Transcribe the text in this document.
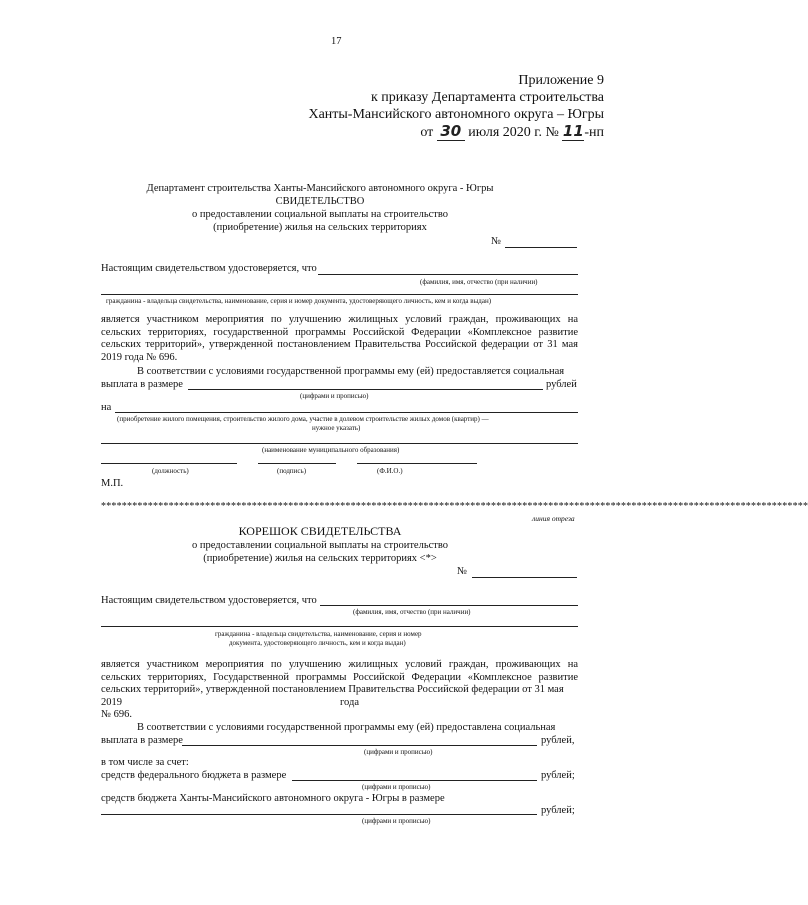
17
Приложение 9
к приказу Департамента строительства
Ханты-Мансийского автономного округа – Югры
от 30 июля 2020 г. № 11-нп
Департамент строительства Ханты-Мансийского автономного округа - Югры
СВИДЕТЕЛЬСТВО
о предоставлении социальной выплаты на строительство
(приобретение) жилья на сельских территориях
№
Настоящим свидетельством удостоверяется, что
(фамилия, имя, отчество (при наличии)
гражданина - владельца свидетельства, наименование, серия и номер документа, удостоверяющего личность, кем и когда выдан)
является участником мероприятия по улучшению жилищных условий граждан, проживающих на сельских территориях, государственной программы Российской Федерации «Комплексное развитие сельских территорий», утвержденной постановлением Правительства Российской федерации от 31 мая 2019 года № 696.
В соответствии с условиями государственной программы ему (ей) предоставляется социальная
выплата в размере	рублей
(цифрами и прописью)
на
(приобретение жилого помещения, строительство жилого дома, участие в долевом строительстве жилых домов (квартир) —
нужное указать)
(наименование муниципального образования)
(должность)	(подпись)	(Ф.И.О.)
М.П.
****************************************************************************************************************************************
линия отреза
КОРЕШОК СВИДЕТЕЛЬСТВА
о предоставлении социальной выплаты на строительство
(приобретение) жилья на сельских территориях <*>
№
Настоящим свидетельством удостоверяется, что
(фамилия, имя, отчество (при наличии)
гражданина - владельца свидетельства, наименование, серия и номер
документа, удостоверяющего личность, кем и когда выдан)
является участником мероприятия по улучшению жилищных условий граждан, проживающих на сельских территориях, Государственной программы Российской Федерации «Комплексное развитие сельских территорий», утвержденной постановлением Правительства Российской федерации от 31 мая
2019	года
№ 696.
В соответствии с условиями государственной программы ему (ей) предоставлена социальная
выплата в размере	рублей,
(цифрами и прописью)
в том числе за счет:
средств федерального бюджета в размере	рублей;
(цифрами и прописью)
средств бюджета Ханты-Мансийского автономного округа - Югры в размере
рублей;
(цифрами и прописью)
